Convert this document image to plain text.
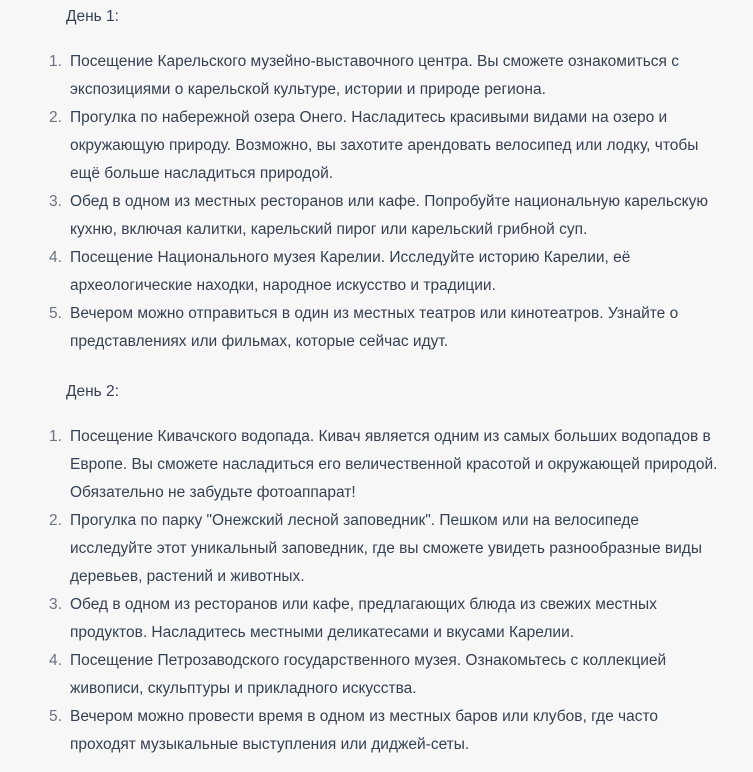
День 1:
1. Посещение Карельского музейно-выставочного центра. Вы сможете ознакомиться с экспозициями о карельской культуре, истории и природе региона.
2. Прогулка по набережной озера Онего. Насладитесь красивыми видами на озеро и окружающую природу. Возможно, вы захотите арендовать велосипед или лодку, чтобы ещё больше насладиться природой.
3. Обед в одном из местных ресторанов или кафе. Попробуйте национальную карельскую кухню, включая калитки, карельский пирог или карельский грибной суп.
4. Посещение Национального музея Карелии. Исследуйте историю Карелии, её археологические находки, народное искусство и традиции.
5. Вечером можно отправиться в один из местных театров или кинотеатров. Узнайте о представлениях или фильмах, которые сейчас идут.
День 2:
1. Посещение Кивачского водопада. Кивач является одним из самых больших водопадов в Европе. Вы сможете насладиться его величественной красотой и окружающей природой. Обязательно не забудьте фотоаппарат!
2. Прогулка по парку "Онежский лесной заповедник". Пешком или на велосипеде исследуйте этот уникальный заповедник, где вы сможете увидеть разнообразные виды деревьев, растений и животных.
3. Обед в одном из ресторанов или кафе, предлагающих блюда из свежих местных продуктов. Насладитесь местными деликатесами и вкусами Карелии.
4. Посещение Петрозаводского государственного музея. Ознакомьтесь с коллекцией живописи, скульптуры и прикладного искусства.
5. Вечером можно провести время в одном из местных баров или клубов, где часто проходят музыкальные выступления или диджей-сеты.
